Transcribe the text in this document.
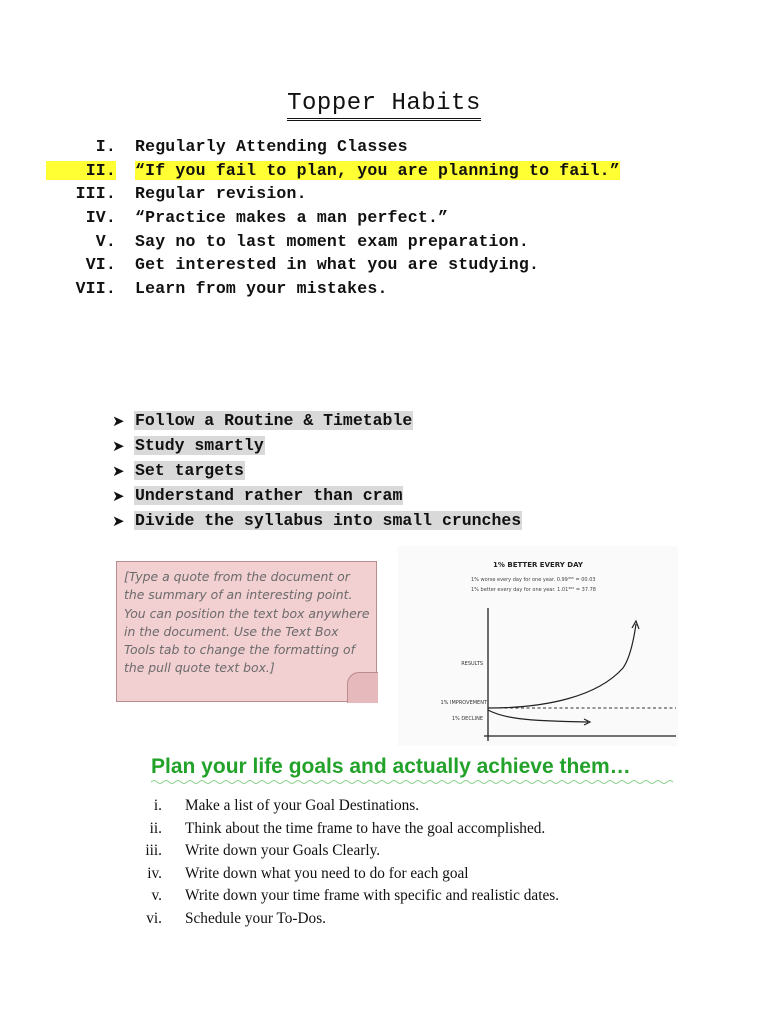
Topper Habits
I. Regularly Attending Classes
II. “If you fail to plan, you are planning to fail.”
III. Regular revision.
IV. “Practice makes a man perfect.”
V. Say no to last moment exam preparation.
VI. Get interested in what you are studying.
VII. Learn from your mistakes.
➤ Follow a Routine & Timetable
➤ Study smartly
➤ Set targets
➤ Understand rather than cram
➤ Divide the syllabus into small crunches
[Type a quote from the document or the summary of an interesting point. You can position the text box anywhere in the document. Use the Text Box Tools tab to change the formatting of the pull quote text box.]
1% BETTER EVERY DAY
1% worse every day for one year. 0.99³⁶⁵ = 00.03
1% better every day for one year. 1.01³⁶⁵ = 37.78
RESULTS
1% IMPROVEMENT
1% DECLINE
Plan your life goals and actually achieve them…
i. Make a list of your Goal Destinations.
ii. Think about the time frame to have the goal accomplished.
iii. Write down your Goals Clearly.
iv. Write down what you need to do for each goal
v. Write down your time frame with specific and realistic dates.
vi. Schedule your To-Dos.
